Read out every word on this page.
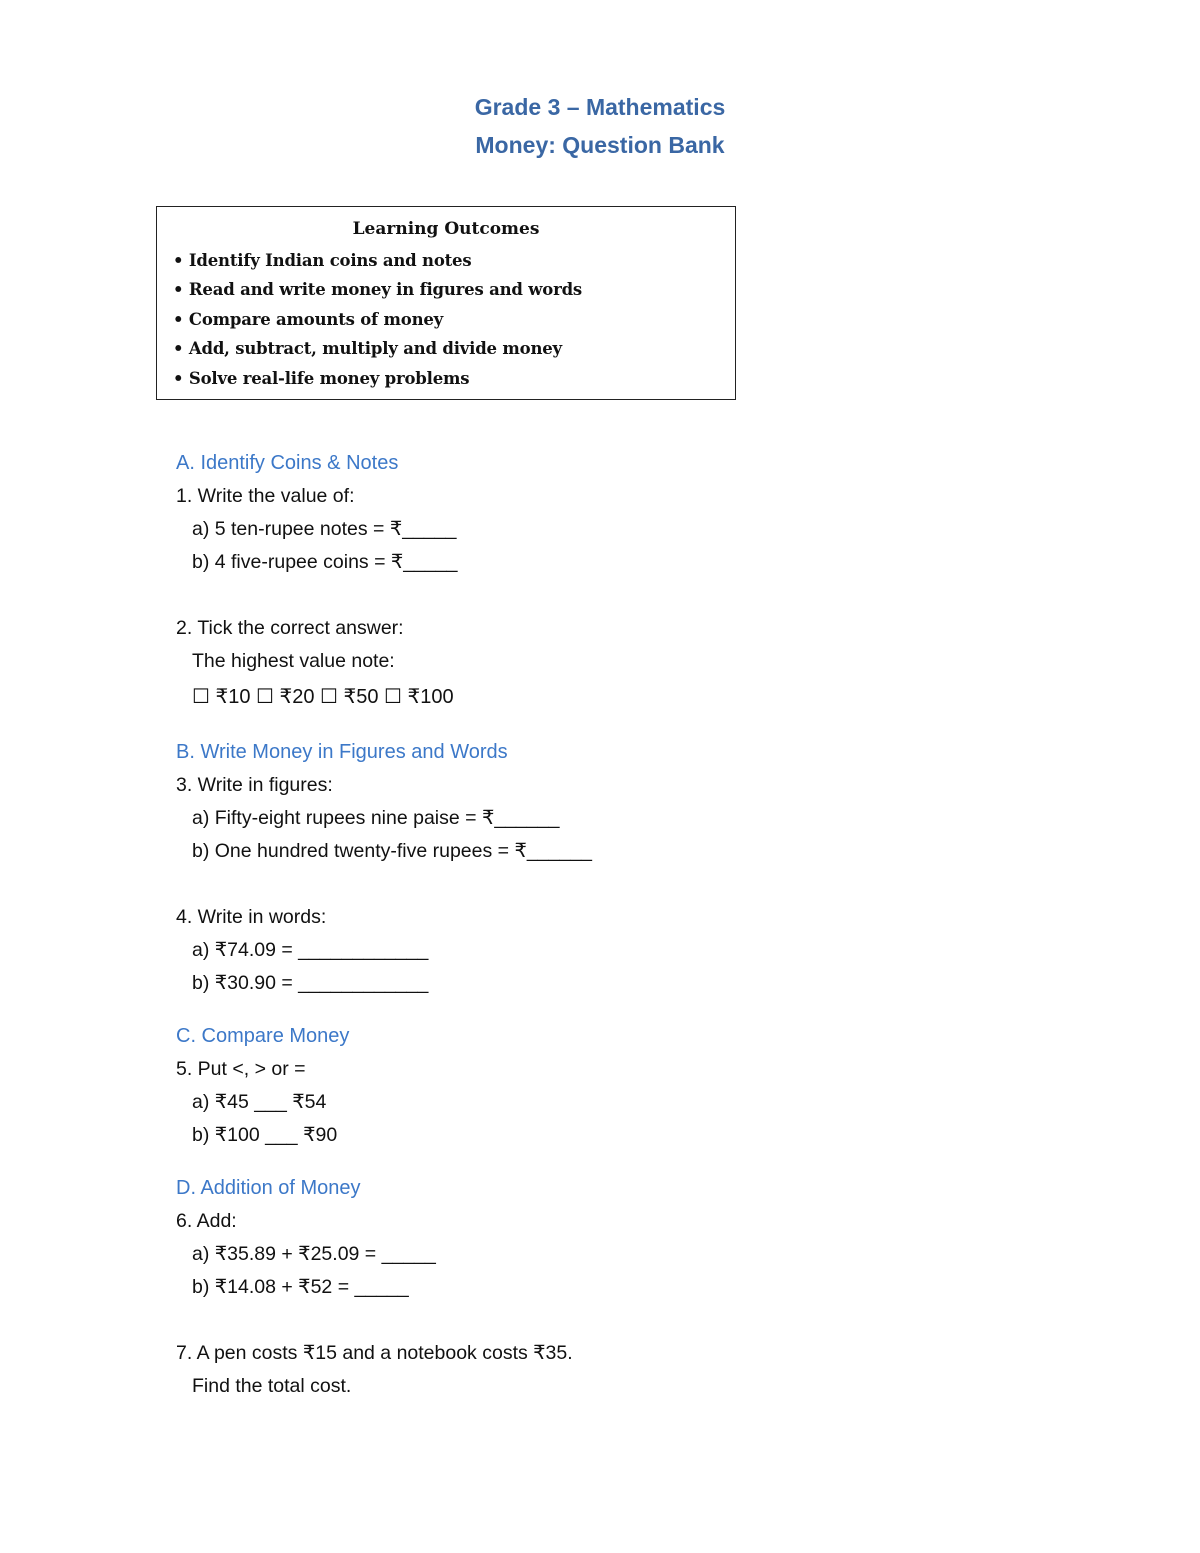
Grade 3 – Mathematics
Money: Question Bank
Learning Outcomes
• Identify Indian coins and notes
• Read and write money in figures and words
• Compare amounts of money
• Add, subtract, multiply and divide money
• Solve real-life money problems
A. Identify Coins & Notes
1. Write the value of:
a) 5 ten-rupee notes = ₹_____
b) 4 five-rupee coins = ₹_____
2. Tick the correct answer:
The highest value note:
☐ ₹10 ☐ ₹20 ☐ ₹50 ☐ ₹100
B. Write Money in Figures and Words
3. Write in figures:
a) Fifty-eight rupees nine paise = ₹______
b) One hundred twenty-five rupees = ₹______
4. Write in words:
a) ₹74.09 = ____________
b) ₹30.90 = ____________
C. Compare Money
5. Put <, > or =
a) ₹45 ___ ₹54
b) ₹100 ___ ₹90
D. Addition of Money
6. Add:
a) ₹35.89 + ₹25.09 = _____
b) ₹14.08 + ₹52 = _____
7. A pen costs ₹15 and a notebook costs ₹35.
Find the total cost.
